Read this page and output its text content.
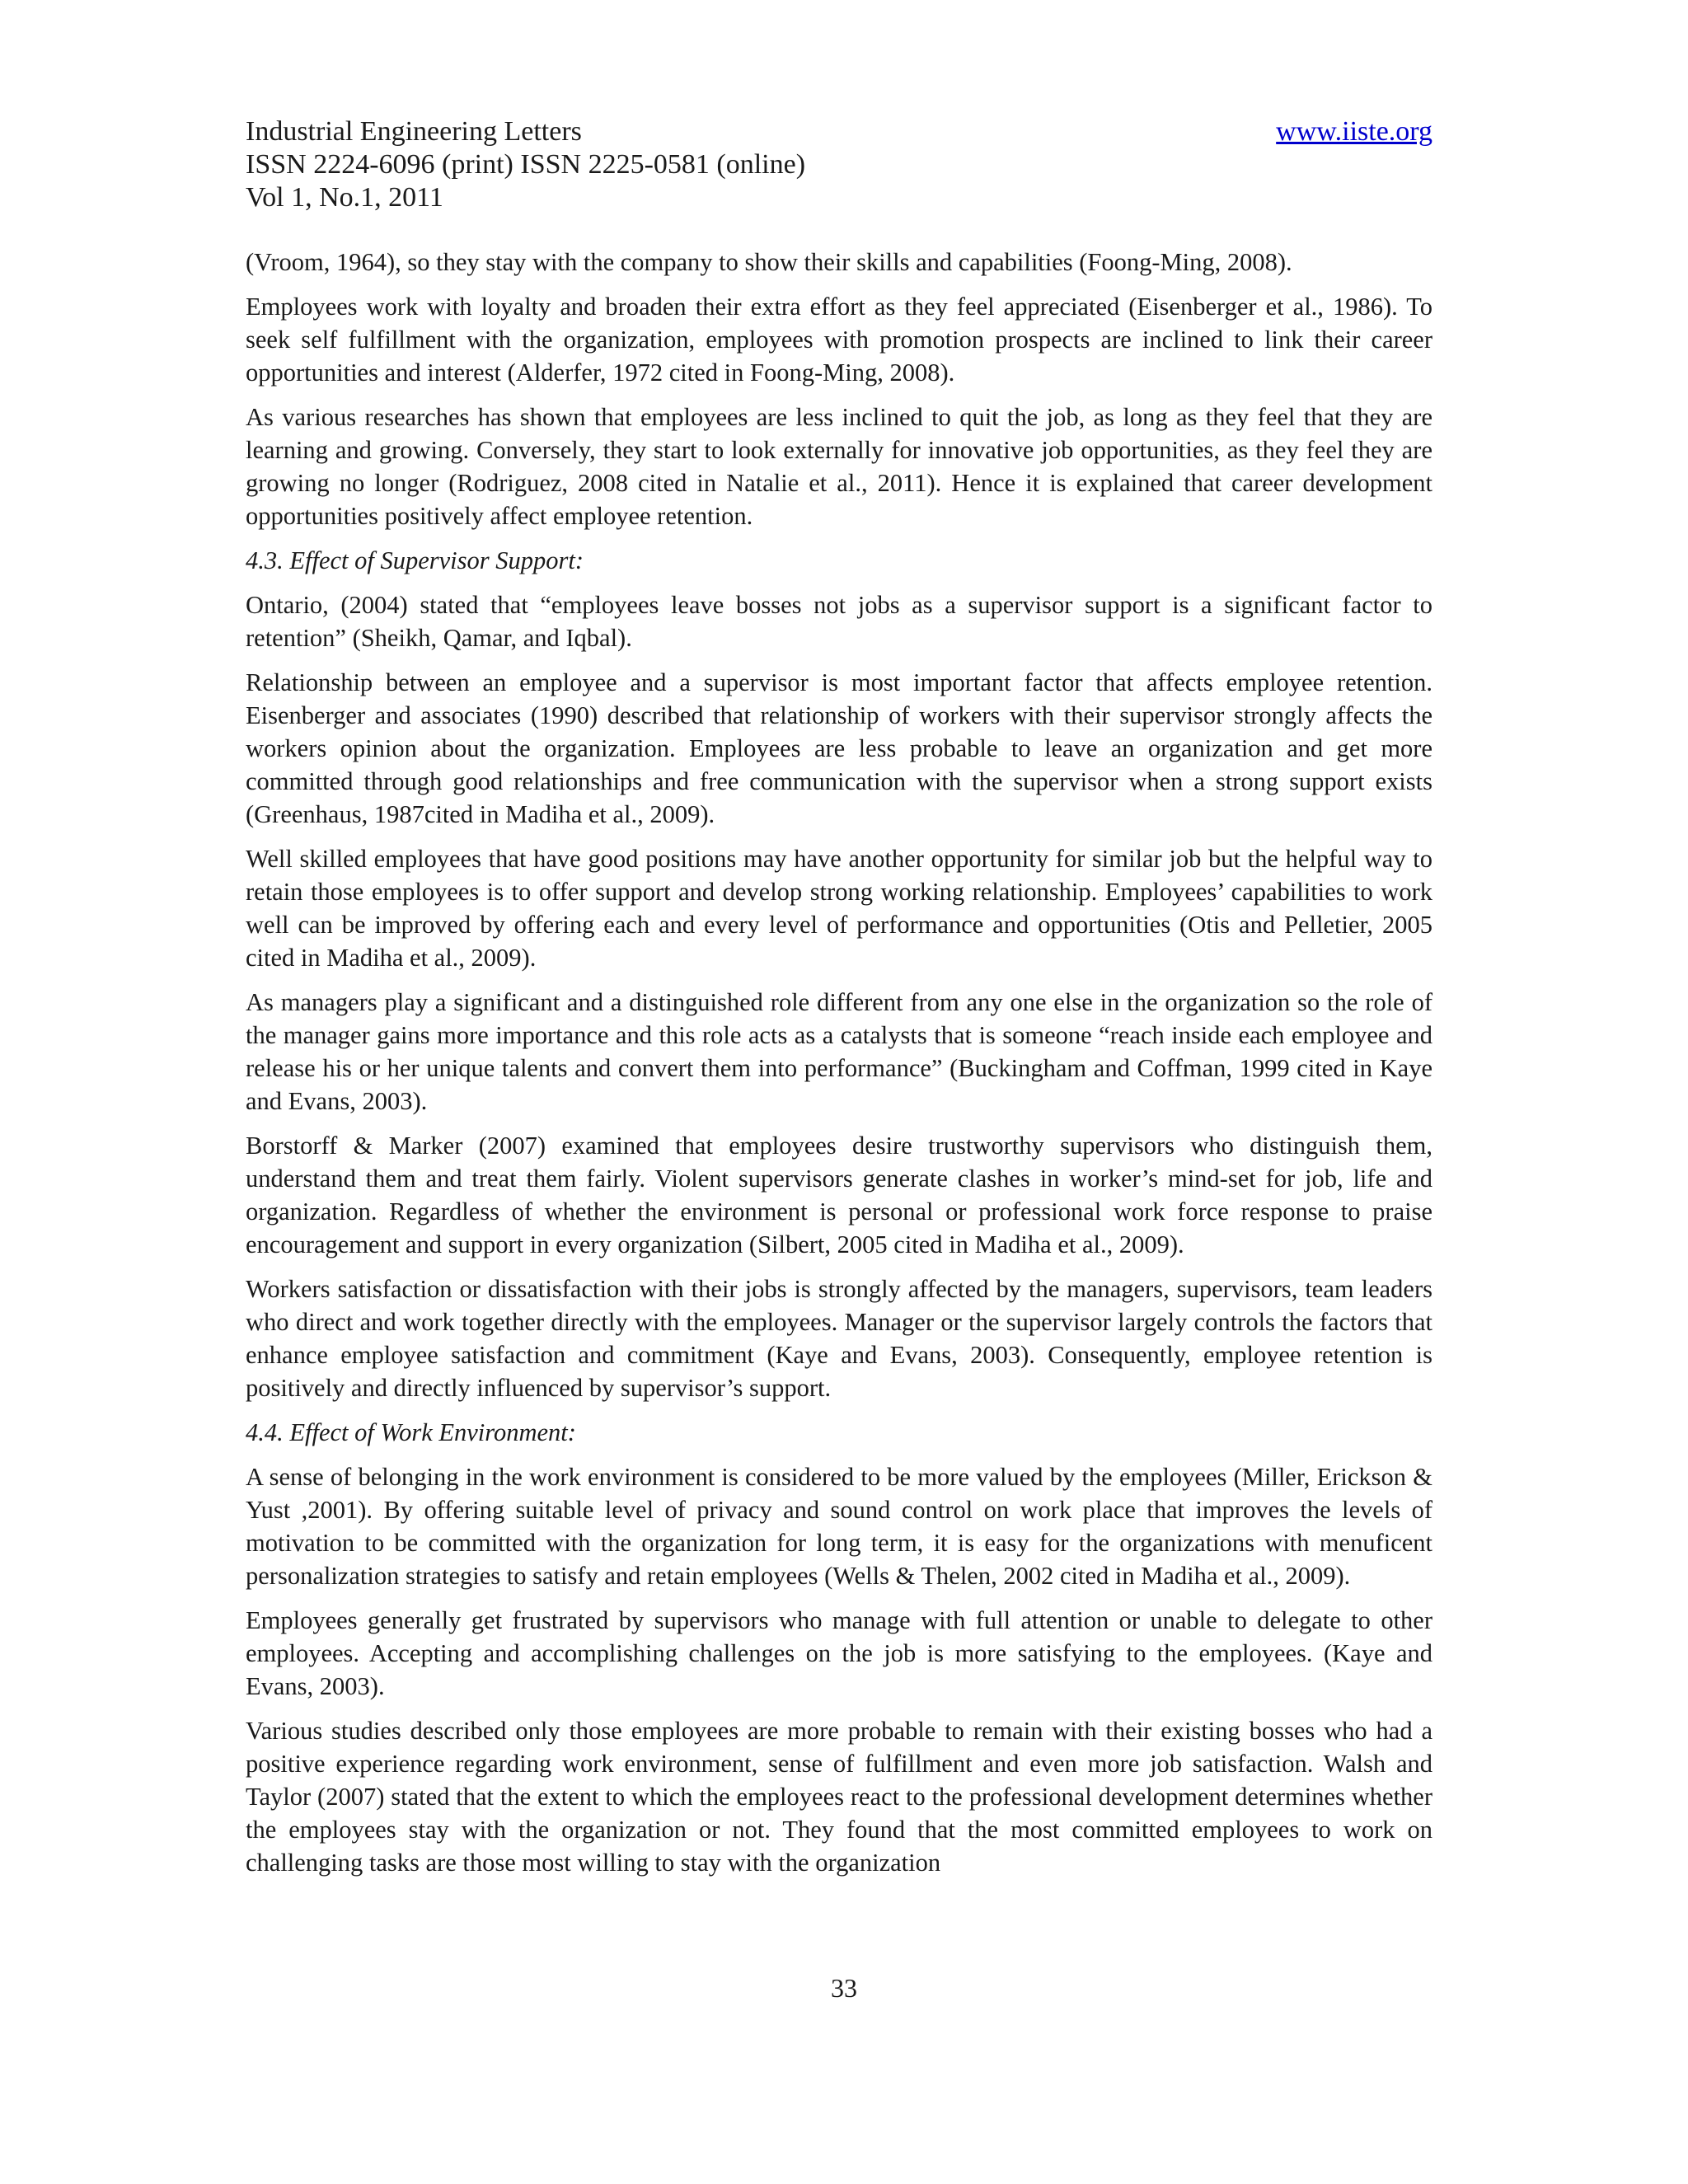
Industrial Engineering Letters
ISSN 2224-6096 (print) ISSN 2225-0581 (online)
Vol 1, No.1, 2011
www.iiste.org

(Vroom, 1964), so they stay with the company to show their skills and capabilities (Foong-Ming, 2008).

Employees work with loyalty and broaden their extra effort as they feel appreciated (Eisenberger et al., 1986). To seek self fulfillment with the organization, employees with promotion prospects are inclined to link their career opportunities and interest (Alderfer, 1972 cited in Foong-Ming, 2008).

As various researches has shown that employees are less inclined to quit the job, as long as they feel that they are learning and growing. Conversely, they start to look externally for innovative job opportunities, as they feel they are growing no longer (Rodriguez, 2008 cited in Natalie et al., 2011). Hence it is explained that career development opportunities positively affect employee retention.

4.3. Effect of Supervisor Support:

Ontario, (2004) stated that “employees leave bosses not jobs as a supervisor support is a significant factor to retention” (Sheikh, Qamar, and Iqbal).

Relationship between an employee and a supervisor is most important factor that affects employee retention. Eisenberger and associates (1990) described that relationship of workers with their supervisor strongly affects the workers opinion about the organization. Employees are less probable to leave an organization and get more committed through good relationships and free communication with the supervisor when a strong support exists (Greenhaus, 1987cited in Madiha et al., 2009).

Well skilled employees that have good positions may have another opportunity for similar job but the helpful way to retain those employees is to offer support and develop strong working relationship. Employees’ capabilities to work well can be improved by offering each and every level of performance and opportunities (Otis and Pelletier, 2005 cited in Madiha et al., 2009).

As managers play a significant and a distinguished role different from any one else in the organization so the role of the manager gains more importance and this role acts as a catalysts that is someone “reach inside each employee and release his or her unique talents and convert them into performance” (Buckingham and Coffman, 1999 cited in Kaye and Evans, 2003).

Borstorff & Marker (2007) examined that employees desire trustworthy supervisors who distinguish them, understand them and treat them fairly. Violent supervisors generate clashes in worker’s mind-set for job, life and organization. Regardless of whether the environment is personal or professional work force response to praise encouragement and support in every organization (Silbert, 2005 cited in Madiha et al., 2009).

Workers satisfaction or dissatisfaction with their jobs is strongly affected by the managers, supervisors, team leaders who direct and work together directly with the employees. Manager or the supervisor largely controls the factors that enhance employee satisfaction and commitment (Kaye and Evans, 2003). Consequently, employee retention is positively and directly influenced by supervisor’s support.

4.4. Effect of Work Environment:

A sense of belonging in the work environment is considered to be more valued by the employees (Miller, Erickson & Yust ,2001). By offering suitable level of privacy and sound control on work place that improves the levels of motivation to be committed with the organization for long term, it is easy for the organizations with menuficent personalization strategies to satisfy and retain employees (Wells & Thelen, 2002 cited in Madiha et al., 2009).

Employees generally get frustrated by supervisors who manage with full attention or unable to delegate to other employees. Accepting and accomplishing challenges on the job is more satisfying to the employees. (Kaye and Evans, 2003).

Various studies described only those employees are more probable to remain with their existing bosses who had a positive experience regarding work environment, sense of fulfillment and even more job satisfaction. Walsh and Taylor (2007) stated that the extent to which the employees react to the professional development determines whether the employees stay with the organization or not. They found that the most committed employees to work on challenging tasks are those most willing to stay with the organization

33
